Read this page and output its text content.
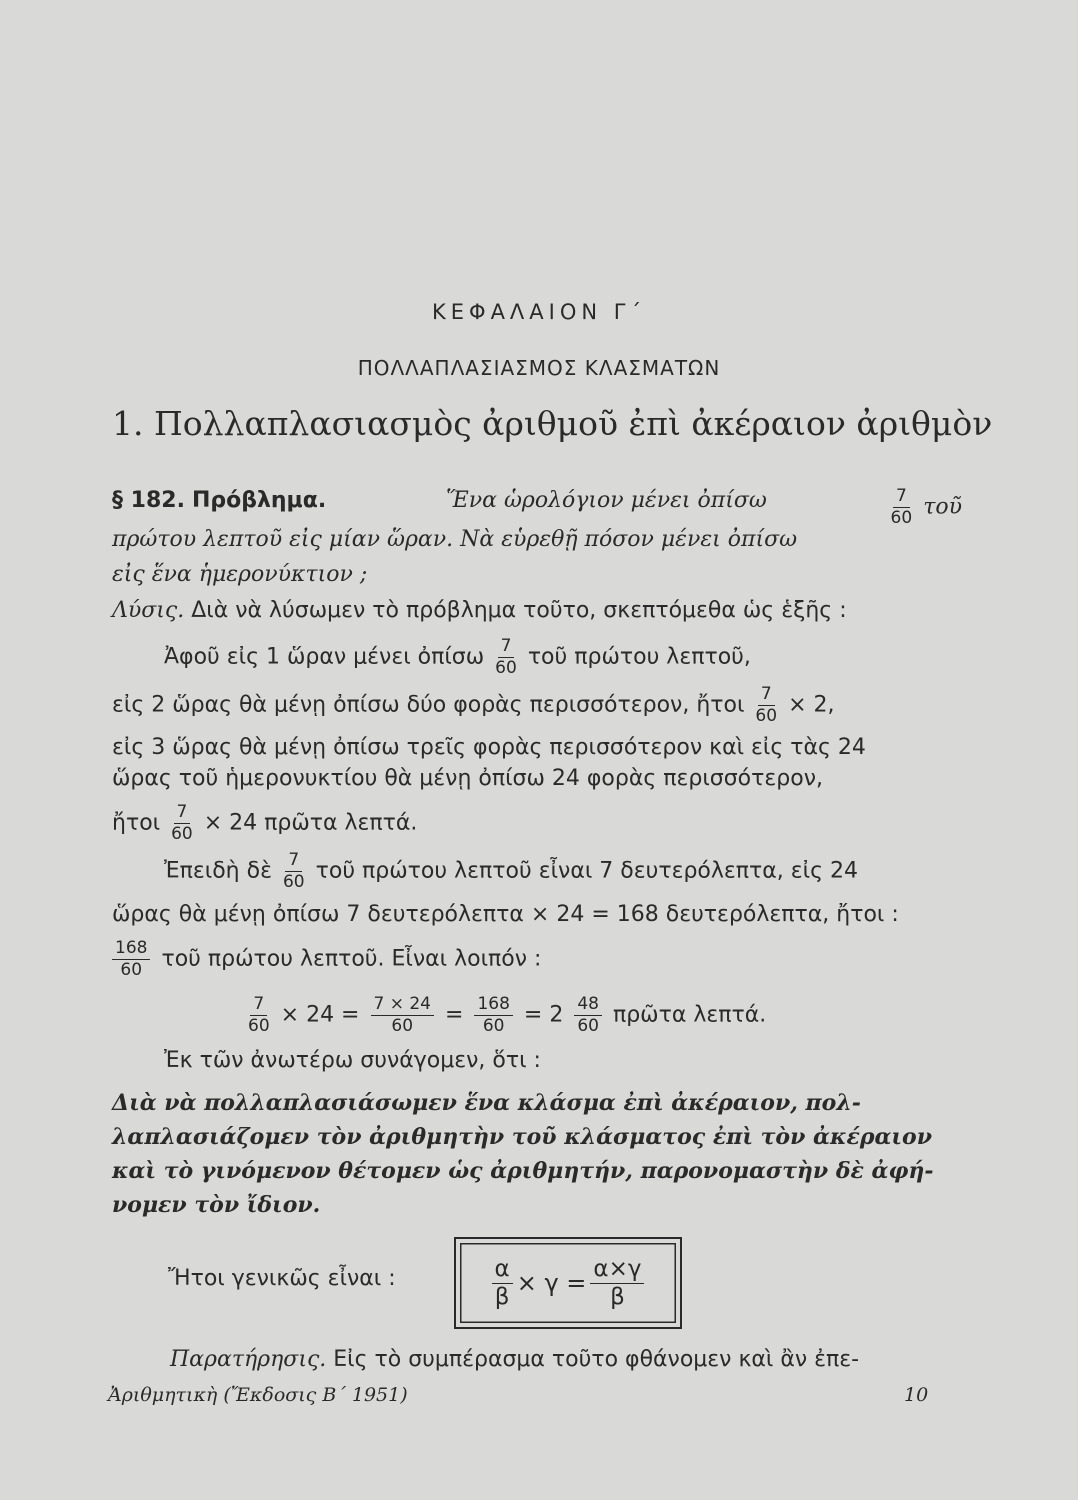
ΚΕΦΑΛΑΙΟΝ Γ΄
ΠΟΛΛΑΠΛΑΣΙΑΣΜΟΣ ΚΛΑΣΜΑΤΩΝ
1. Πολλαπλασιασμὸς ἀριθμοῦ ἐπὶ ἀκέραιον ἀριθμὸν
§ 182. Πρόβλημα.	Ἕνα ὡρολόγιον μένει ὀπίσω	$\frac{7}{60}$ τοῦ
πρώτου λεπτοῦ εἰς μίαν ὥραν. Νὰ εὑρεθῇ πόσον μένει ὀπίσω
εἰς ἕνα ἡμερονύκτιον ;
Λύσις. Διὰ νὰ λύσωμεν τὸ πρόβλημα τοῦτο, σκεπτόμεθα ὡς ἑξῆς :
Ἀφοῦ εἰς 1 ὥραν μένει ὀπίσω $\frac{7}{60}$ τοῦ πρώτου λεπτοῦ,
εἰς 2 ὥρας θὰ μένῃ ὀπίσω δύο φορὰς περισσότερον, ἤτοι $\frac{7}{60} \times 2$,
εἰς 3 ὥρας θὰ μένῃ ὀπίσω τρεῖς φορὰς περισσότερον καὶ εἰς τὰς 24
ὥρας τοῦ ἡμερονυκτίου θὰ μένῃ ὀπίσω 24 φορὰς περισσότερον,
ἤτοι $\frac{7}{60} \times 24$ πρῶτα λεπτά.
Ἐπειδὴ δὲ $\frac{7}{60}$ τοῦ πρώτου λεπτοῦ εἶναι 7 δευτερόλεπτα, εἰς 24
ὥρας θὰ μένῃ ὀπίσω 7 δευτερόλεπτα × 24 = 168 δευτερόλεπτα, ἤτοι :
$\frac{168}{60}$ τοῦ πρώτου λεπτοῦ. Εἶναι λοιπόν :
$\frac{7}{60} \times 24 = \frac{7 \times 24}{60} = \frac{168}{60} = 2 \frac{48}{60}$ πρῶτα λεπτά.
Ἐκ τῶν ἀνωτέρω συνάγομεν, ὅτι :
Διὰ νὰ πολλαπλασιάσωμεν ἕνα κλάσμα ἐπὶ ἀκέραιον, πολ-
λαπλασιάζομεν τὸν ἀριθμητὴν τοῦ κλάσματος ἐπὶ τὸν ἀκέραιον
καὶ τὸ γινόμενον θέτομεν ὡς ἀριθμητήν, παρονομαστὴν δὲ ἀφή-
νομεν τὸν ἴδιον.
Ἤτοι γενικῶς εἶναι :	$\frac{\alpha}{\beta} \times \gamma = \frac{\alpha\times\gamma}{\beta}$
Παρατήρησις. Εἰς τὸ συμπέρασμα τοῦτο φθάνομεν καὶ ἂν ἐπε-
Ἀριθμητικὴ (Ἔκδοσις Β΄ 1951)	10
